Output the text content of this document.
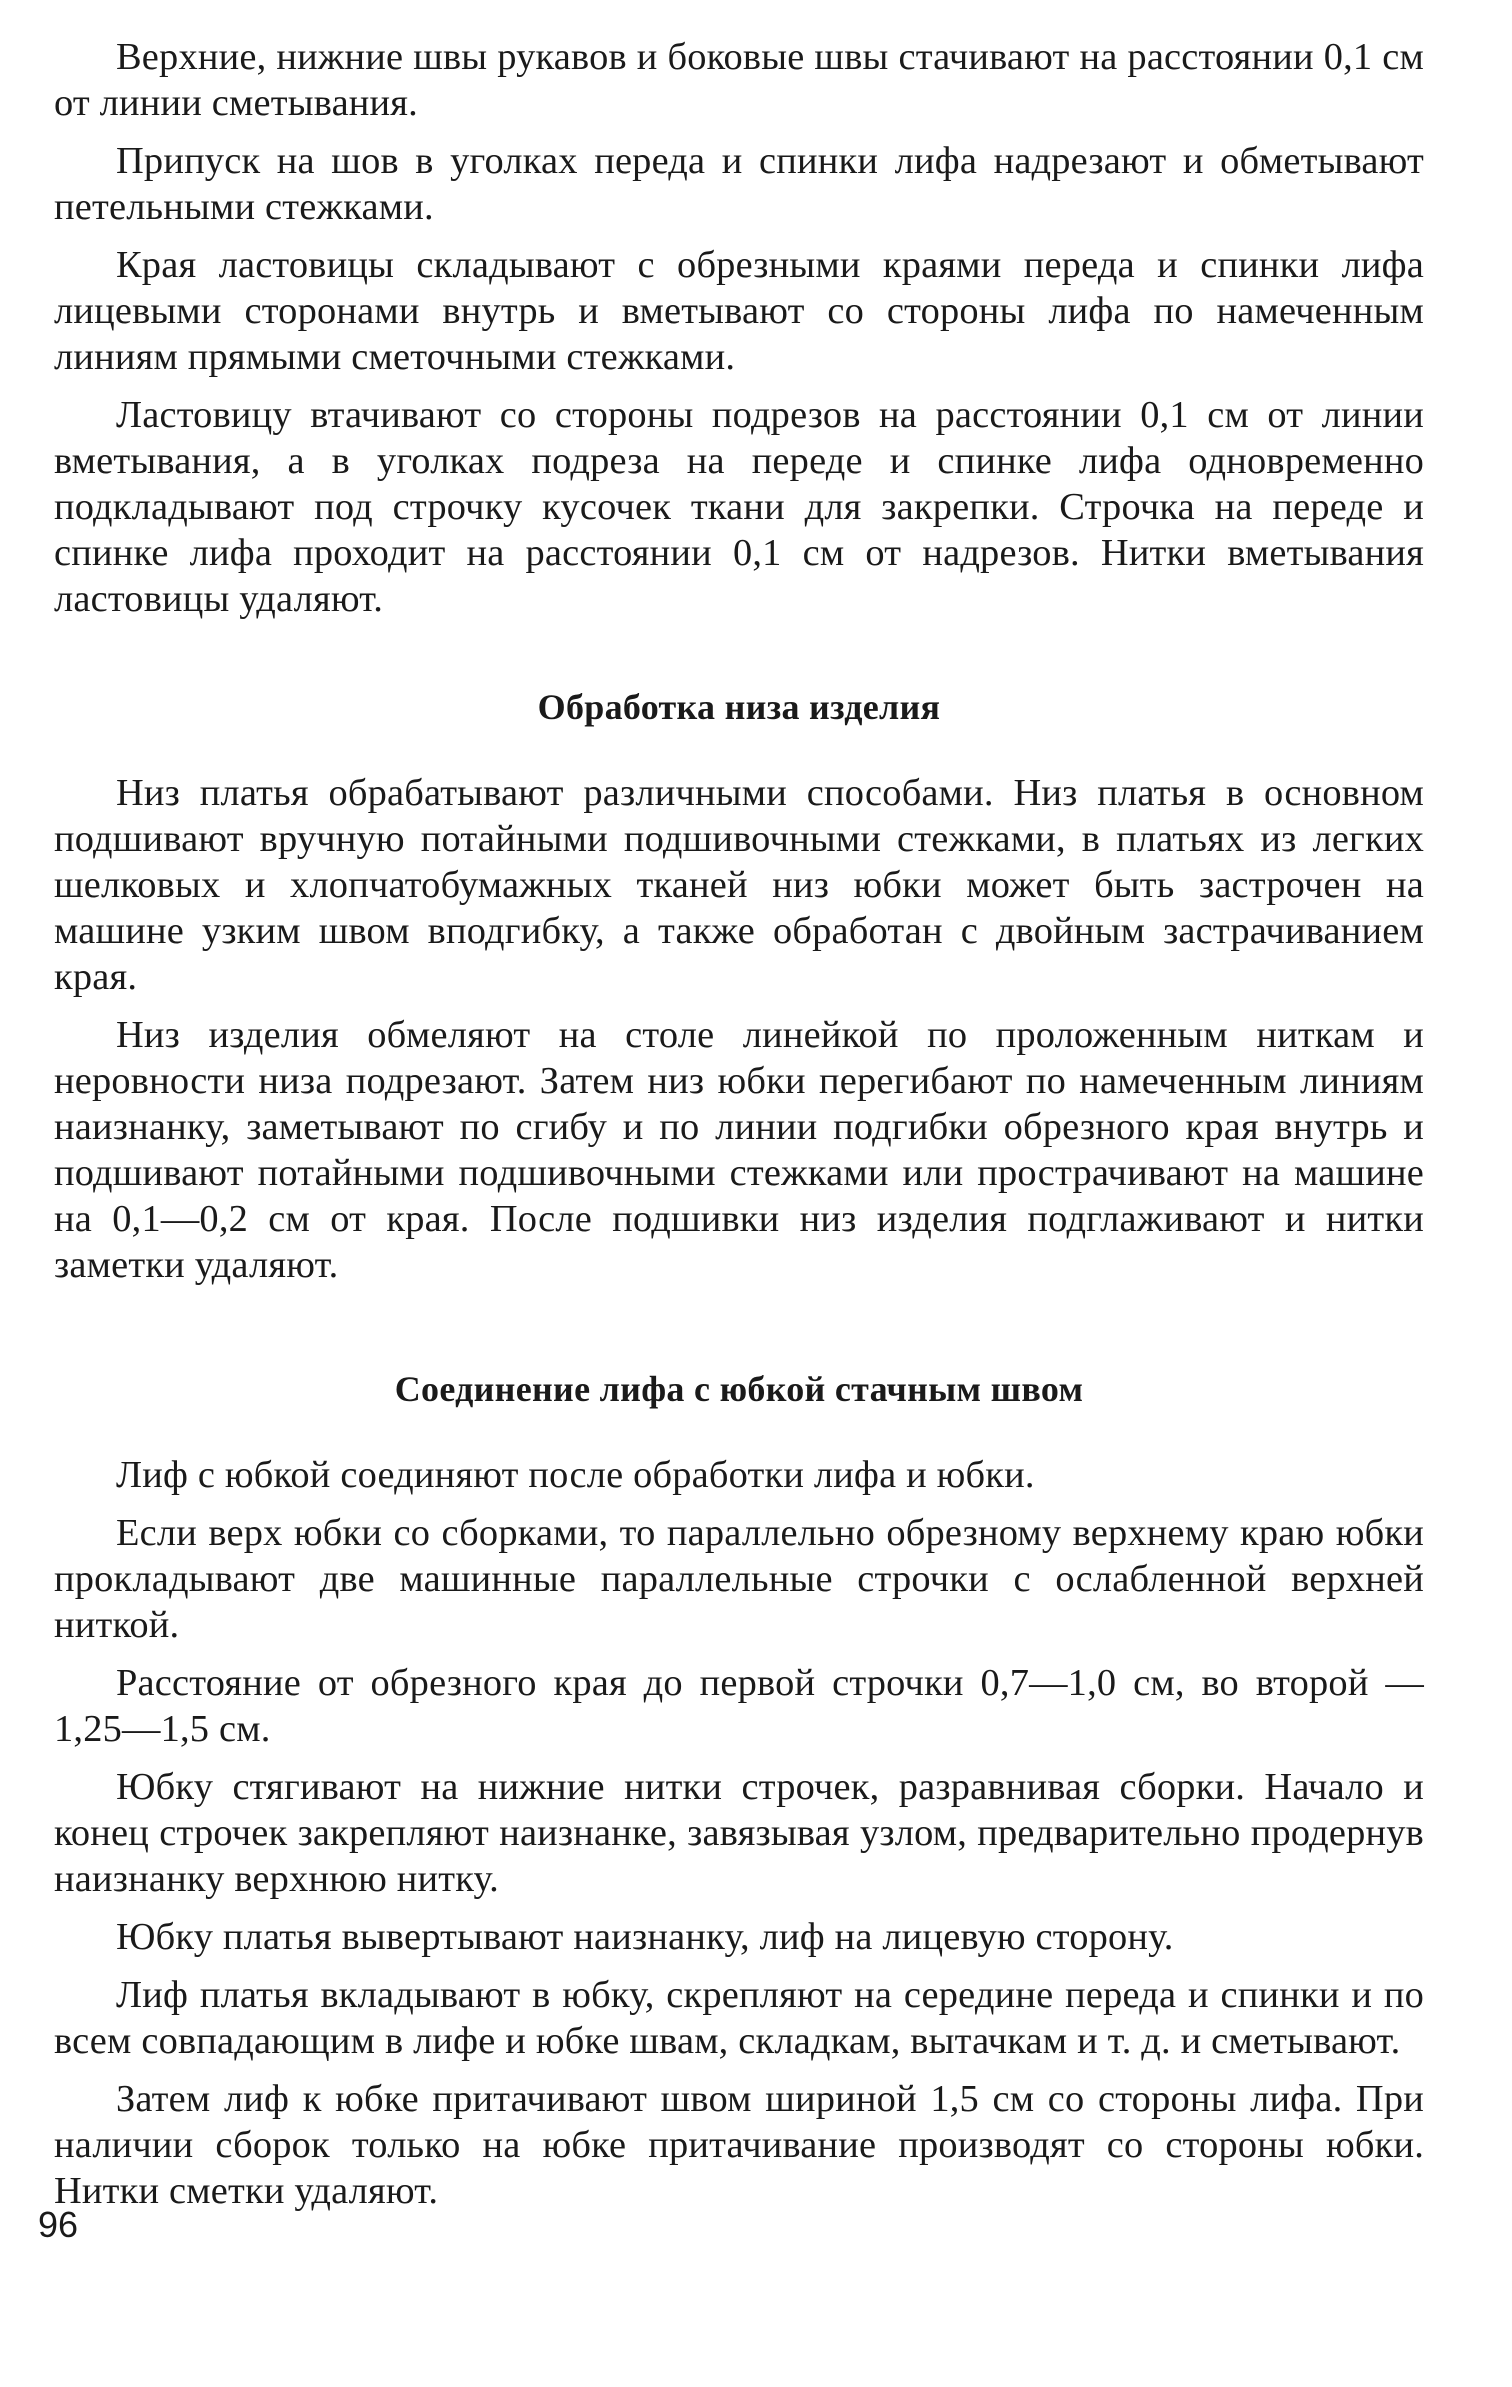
Верхние, нижние швы рукавов и боковые швы стачивают на расстоянии 0,1 см от линии сметывания.

Припуск на шов в уголках переда и спинки лифа надрезают и обметывают петельными стежками.

Края ластовицы складывают с обрезными краями переда и спинки лифа лицевыми сторонами внутрь и вметывают со стороны лифа по намеченным линиям прямыми сметочными стежками.

Ластовицу втачивают со стороны подрезов на расстоянии 0,1 см от линии вметывания, а в уголках подреза на переде и спинке лифа одновременно подкладывают под строчку кусочек ткани для закрепки. Строчка на переде и спинке лифа проходит на расстоянии 0,1 см от надрезов. Нитки вметывания ластовицы удаляют.

Обработка низа изделия

Низ платья обрабатывают различными способами. Низ платья в основном подшивают вручную потайными подшивочными стежками, в платьях из легких шелковых и хлопчатобумажных тканей низ юбки может быть застрочен на машине узким швом вподгибку, а также обработан с двойным застрачиванием края.

Низ изделия обмеляют на столе линейкой по проложенным ниткам и неровности низа подрезают. Затем низ юбки перегибают по намеченным линиям наизнанку, заметывают по сгибу и по линии подгибки обрезного края внутрь и подшивают потайными подшивочными стежками или прострачивают на машине на 0,1—0,2 см от края. После подшивки низ изделия подглаживают и нитки заметки удаляют.

Соединение лифа с юбкой стачным швом

Лиф с юбкой соединяют после обработки лифа и юбки.

Если верх юбки со сборками, то параллельно обрезному верхнему краю юбки прокладывают две машинные параллельные строчки с ослабленной верхней ниткой.

Расстояние от обрезного края до первой строчки 0,7—1,0 см, во второй — 1,25—1,5 см.

Юбку стягивают на нижние нитки строчек, разравнивая сборки. Начало и конец строчек закрепляют наизнанке, завязывая узлом, предварительно продернув наизнанку верхнюю нитку.

Юбку платья вывертывают наизнанку, лиф на лицевую сторону.

Лиф платья вкладывают в юбку, скрепляют на середине переда и спинки и по всем совпадающим в лифе и юбке швам, складкам, вытачкам и т. д. и сметывают.

Затем лиф к юбке притачивают швом шириной 1,5 см со стороны лифа. При наличии сборок только на юбке притачивание производят со стороны юбки. Нитки сметки удаляют.

96
